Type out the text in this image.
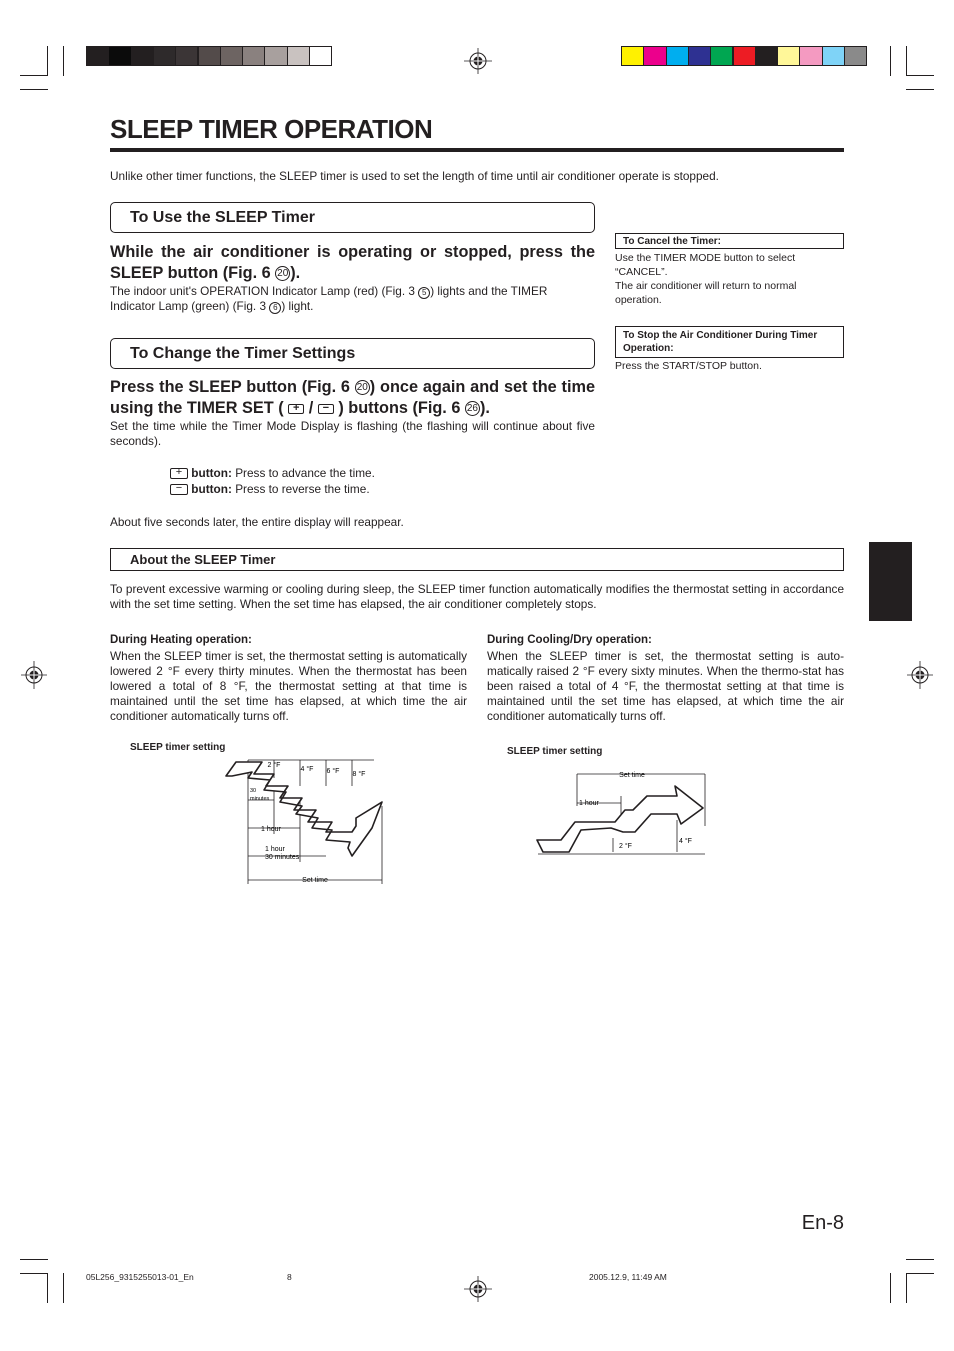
SLEEP TIMER OPERATION

Unlike other timer functions, the SLEEP timer is used to set the length of time until air conditioner operate is stopped.

To Use the SLEEP Timer

While the air conditioner is operating or stopped, press the SLEEP button (Fig. 6 20 ).

The indoor unit's OPERATION Indicator Lamp (red) (Fig. 3 5 ) lights and the TIMER Indicator Lamp (green) (Fig. 3 6 ) light.

To Change the Timer Settings

Press the SLEEP button (Fig. 6 20 ) once again and set the time using the TIMER SET ( + / − ) buttons (Fig. 6 26 ).

Set the time while the Timer Mode Display is flashing (the flashing will continue about five seconds).

+ button: Press to advance the time.

− button: Press to reverse the time.

About five seconds later, the entire display will reappear.

To Cancel the Timer:

Use the TIMER MODE button to select “CANCEL”.
The air conditioner will return to normal operation.

To Stop the Air Conditioner During Timer Operation:

Press the START/STOP button.

About the SLEEP Timer

To prevent excessive warming or cooling during sleep, the SLEEP timer function automatically modifies the thermostat setting in accordance with the set time setting. When the set time has elapsed, the air conditioner completely stops.

During Heating operation:

When the SLEEP timer is set, the thermostat setting is automatically lowered 2 °F every thirty minutes. When the thermostat has been lowered a total of 8 °F, the thermostat setting at that time is maintained until the set time has elapsed, at which time the air conditioner automatically turns off.

During Cooling/Dry operation:

When the SLEEP timer is set, the thermostat setting is auto-matically raised 2 °F every sixty minutes. When the thermo-stat has been raised a total of 4 °F, the thermostat setting at that time is maintained until the set time has elapsed, at which time the air conditioner automatically turns off.

SLEEP timer setting

2 °F
4 °F 6 °F 8 °F
30
minutes
1 hour
1 hour
30 minutes
Set time

SLEEP timer setting

Set time
1 hour
2 °F
4 °F
En-8
05L256_9315255013-01_En	8	2005.12.9, 11:49 AM
